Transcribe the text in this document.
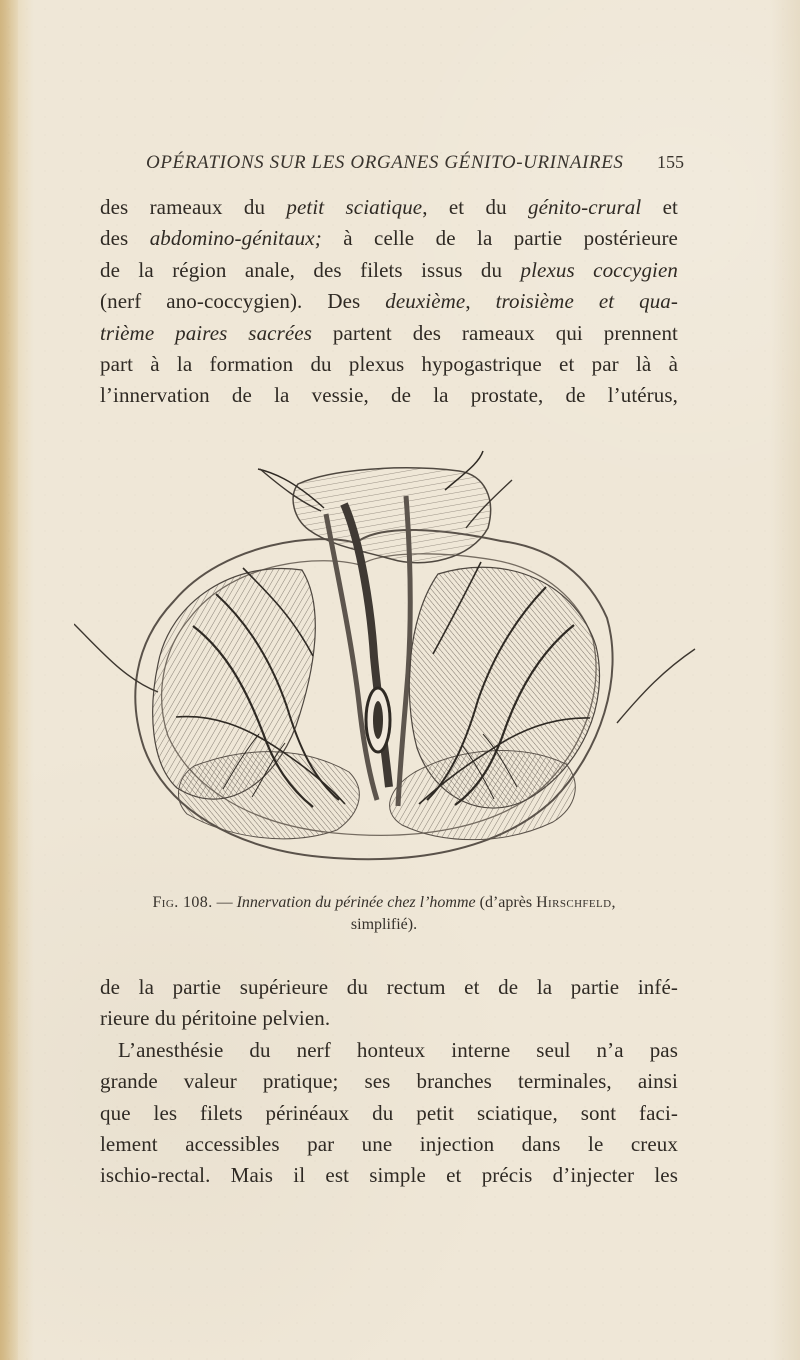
OPÉRATIONS SUR LES ORGANES GÉNITO-URINAIRES 155
des rameaux du petit sciatique, et du génito-crural et
des abdomino-génitaux; à celle de la partie postérieure
de la région anale, des filets issus du plexus coccygien
(nerf ano-coccygien). Des deuxième, troisième et qua-
trième paires sacrées partent des rameaux qui prennent
part à la formation du plexus hypogastrique et par là à
l’innervation de la vessie, de la prostate, de l’utérus,
Fig. 108. — Innervation du périnée chez l’homme (d’après Hirschfeld,
simplifié).
de la partie supérieure du rectum et de la partie infé-
rieure du péritoine pelvien.
L’anesthésie du nerf honteux interne seul n’a pas
grande valeur pratique; ses branches terminales, ainsi
que les filets périnéaux du petit sciatique, sont faci-
lement accessibles par une injection dans le creux
ischio-rectal. Mais il est simple et précis d’injecter les
